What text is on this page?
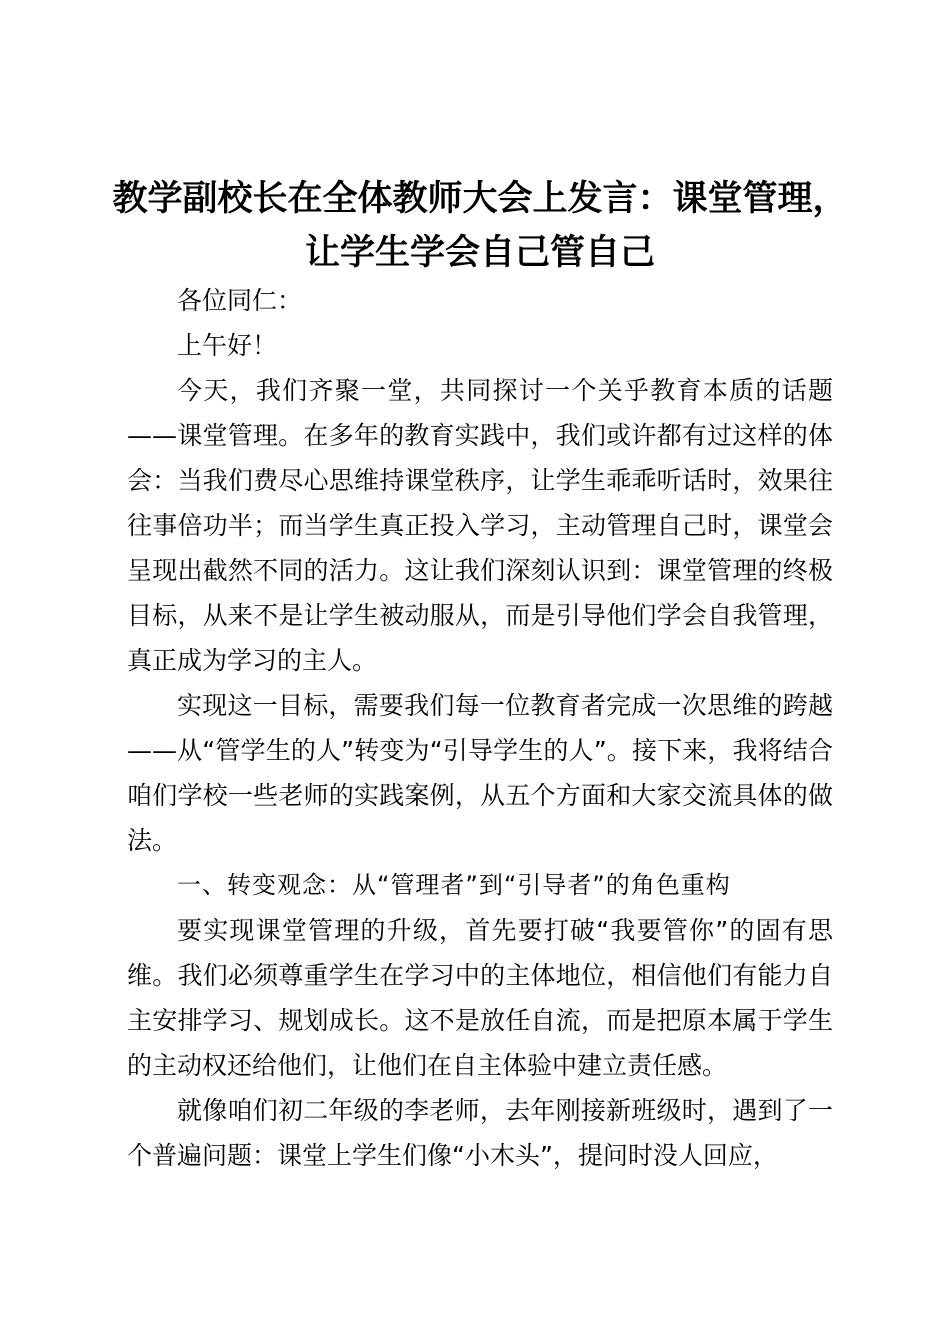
教学副校长在全体教师大会上发言：课堂管理，
让学生学会自己管自己

各位同仁：

上午好！

今天，我们齐聚一堂，共同探讨一个关乎教育本质的话题——课堂管理。在多年的教育实践中，我们或许都有过这样的体会：当我们费尽心思维持课堂秩序，让学生乖乖听话时，效果往往事倍功半；而当学生真正投入学习，主动管理自己时，课堂会呈现出截然不同的活力。这让我们深刻认识到：课堂管理的终极目标，从来不是让学生被动服从，而是引导他们学会自我管理，真正成为学习的主人。

实现这一目标，需要我们每一位教育者完成一次思维的跨越——从“管学生的人”转变为“引导学生的人”。接下来，我将结合咱们学校一些老师的实践案例，从五个方面和大家交流具体的做法。

一、转变观念：从“管理者”到“引导者”的角色重构

要实现课堂管理的升级，首先要打破“我要管你”的固有思维。我们必须尊重学生在学习中的主体地位，相信他们有能力自主安排学习、规划成长。这不是放任自流，而是把原本属于学生的主动权还给他们，让他们在自主体验中建立责任感。

就像咱们初二年级的李老师，去年刚接新班级时，遇到了一个普遍问题：课堂上学生们像“小木头”，提问时没人回应，
